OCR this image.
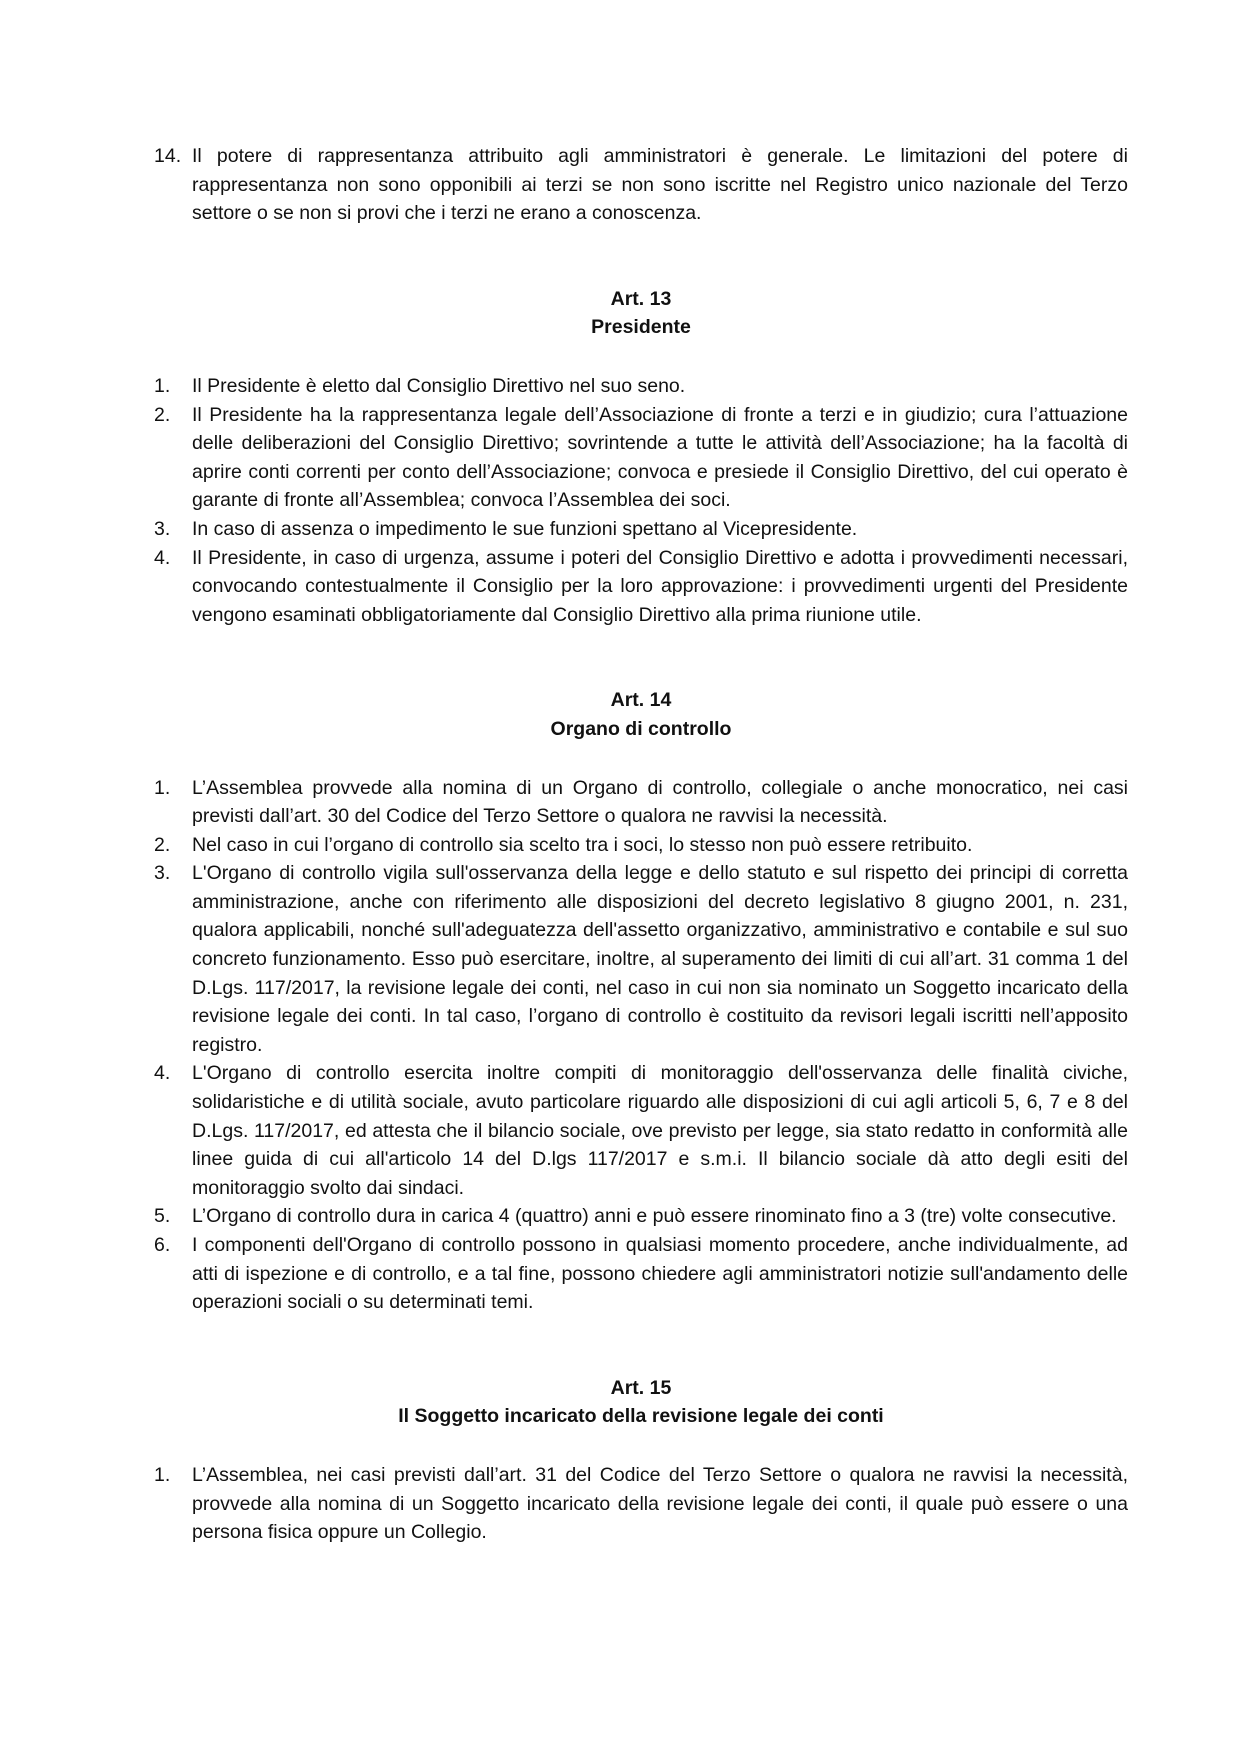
14. Il potere di rappresentanza attribuito agli amministratori è generale. Le limitazioni del potere di rappresentanza non sono opponibili ai terzi se non sono iscritte nel Registro unico nazionale del Terzo settore o se non si provi che i terzi ne erano a conoscenza.

Art. 13

Presidente

1.	Il Presidente è eletto dal Consiglio Direttivo nel suo seno.
2.	Il Presidente ha la rappresentanza legale dell’Associazione di fronte a terzi e in giudizio; cura l’attuazione delle deliberazioni del Consiglio Direttivo; sovrintende a tutte le attività dell’Associazione; ha la facoltà di aprire conti correnti per conto dell’Associazione; convoca e presiede il Consiglio Direttivo, del cui operato è garante di fronte all’Assemblea; convoca l’Assemblea dei soci.
3.	In caso di assenza o impedimento le sue funzioni spettano al Vicepresidente.
4.	Il Presidente, in caso di urgenza, assume i poteri del Consiglio Direttivo e adotta i provvedimenti necessari, convocando contestualmente il Consiglio per la loro approvazione: i provvedimenti urgenti del Presidente vengono esaminati obbligatoriamente dal Consiglio Direttivo alla prima riunione utile.

Art. 14

Organo di controllo

1.	L’Assemblea provvede alla nomina di un Organo di controllo, collegiale o anche monocratico, nei casi previsti dall’art. 30 del Codice del Terzo Settore o qualora ne ravvisi la necessità.
2.	Nel caso in cui l’organo di controllo sia scelto tra i soci, lo stesso non può essere retribuito.
3.	L'Organo di controllo vigila sull'osservanza della legge e dello statuto e sul rispetto dei principi di corretta amministrazione, anche con riferimento alle disposizioni del decreto legislativo 8 giugno 2001, n. 231, qualora applicabili, nonché sull'adeguatezza dell'assetto organizzativo, amministrativo e contabile e sul suo concreto funzionamento. Esso può esercitare, inoltre, al superamento dei limiti di cui all’art. 31 comma 1 del D.Lgs. 117/2017, la revisione legale dei conti, nel caso in cui non sia nominato un Soggetto incaricato della revisione legale dei conti. In tal caso, l’organo di controllo è costituito da revisori legali iscritti nell’apposito registro.
4.	L'Organo di controllo esercita inoltre compiti di monitoraggio dell'osservanza delle finalità civiche, solidaristiche e di utilità sociale, avuto particolare riguardo alle disposizioni di cui agli articoli 5, 6, 7 e 8 del D.Lgs. 117/2017, ed attesta che il bilancio sociale, ove previsto per legge, sia stato redatto in conformità alle linee guida di cui all'articolo 14 del D.lgs 117/2017 e s.m.i. Il bilancio sociale dà atto degli esiti del monitoraggio svolto dai sindaci.
5.	L’Organo di controllo dura in carica 4 (quattro) anni e può essere rinominato fino a 3 (tre) volte consecutive.
6.	I componenti dell'Organo di controllo possono in qualsiasi momento procedere, anche individualmente, ad atti di ispezione e di controllo, e a tal fine, possono chiedere agli amministratori notizie sull'andamento delle operazioni sociali o su determinati temi.

Art. 15

Il Soggetto incaricato della revisione legale dei conti

1.	L’Assemblea, nei casi previsti dall’art. 31 del Codice del Terzo Settore o qualora ne ravvisi la necessità, provvede alla nomina di un Soggetto incaricato della revisione legale dei conti, il quale può essere o una persona fisica oppure un Collegio.
